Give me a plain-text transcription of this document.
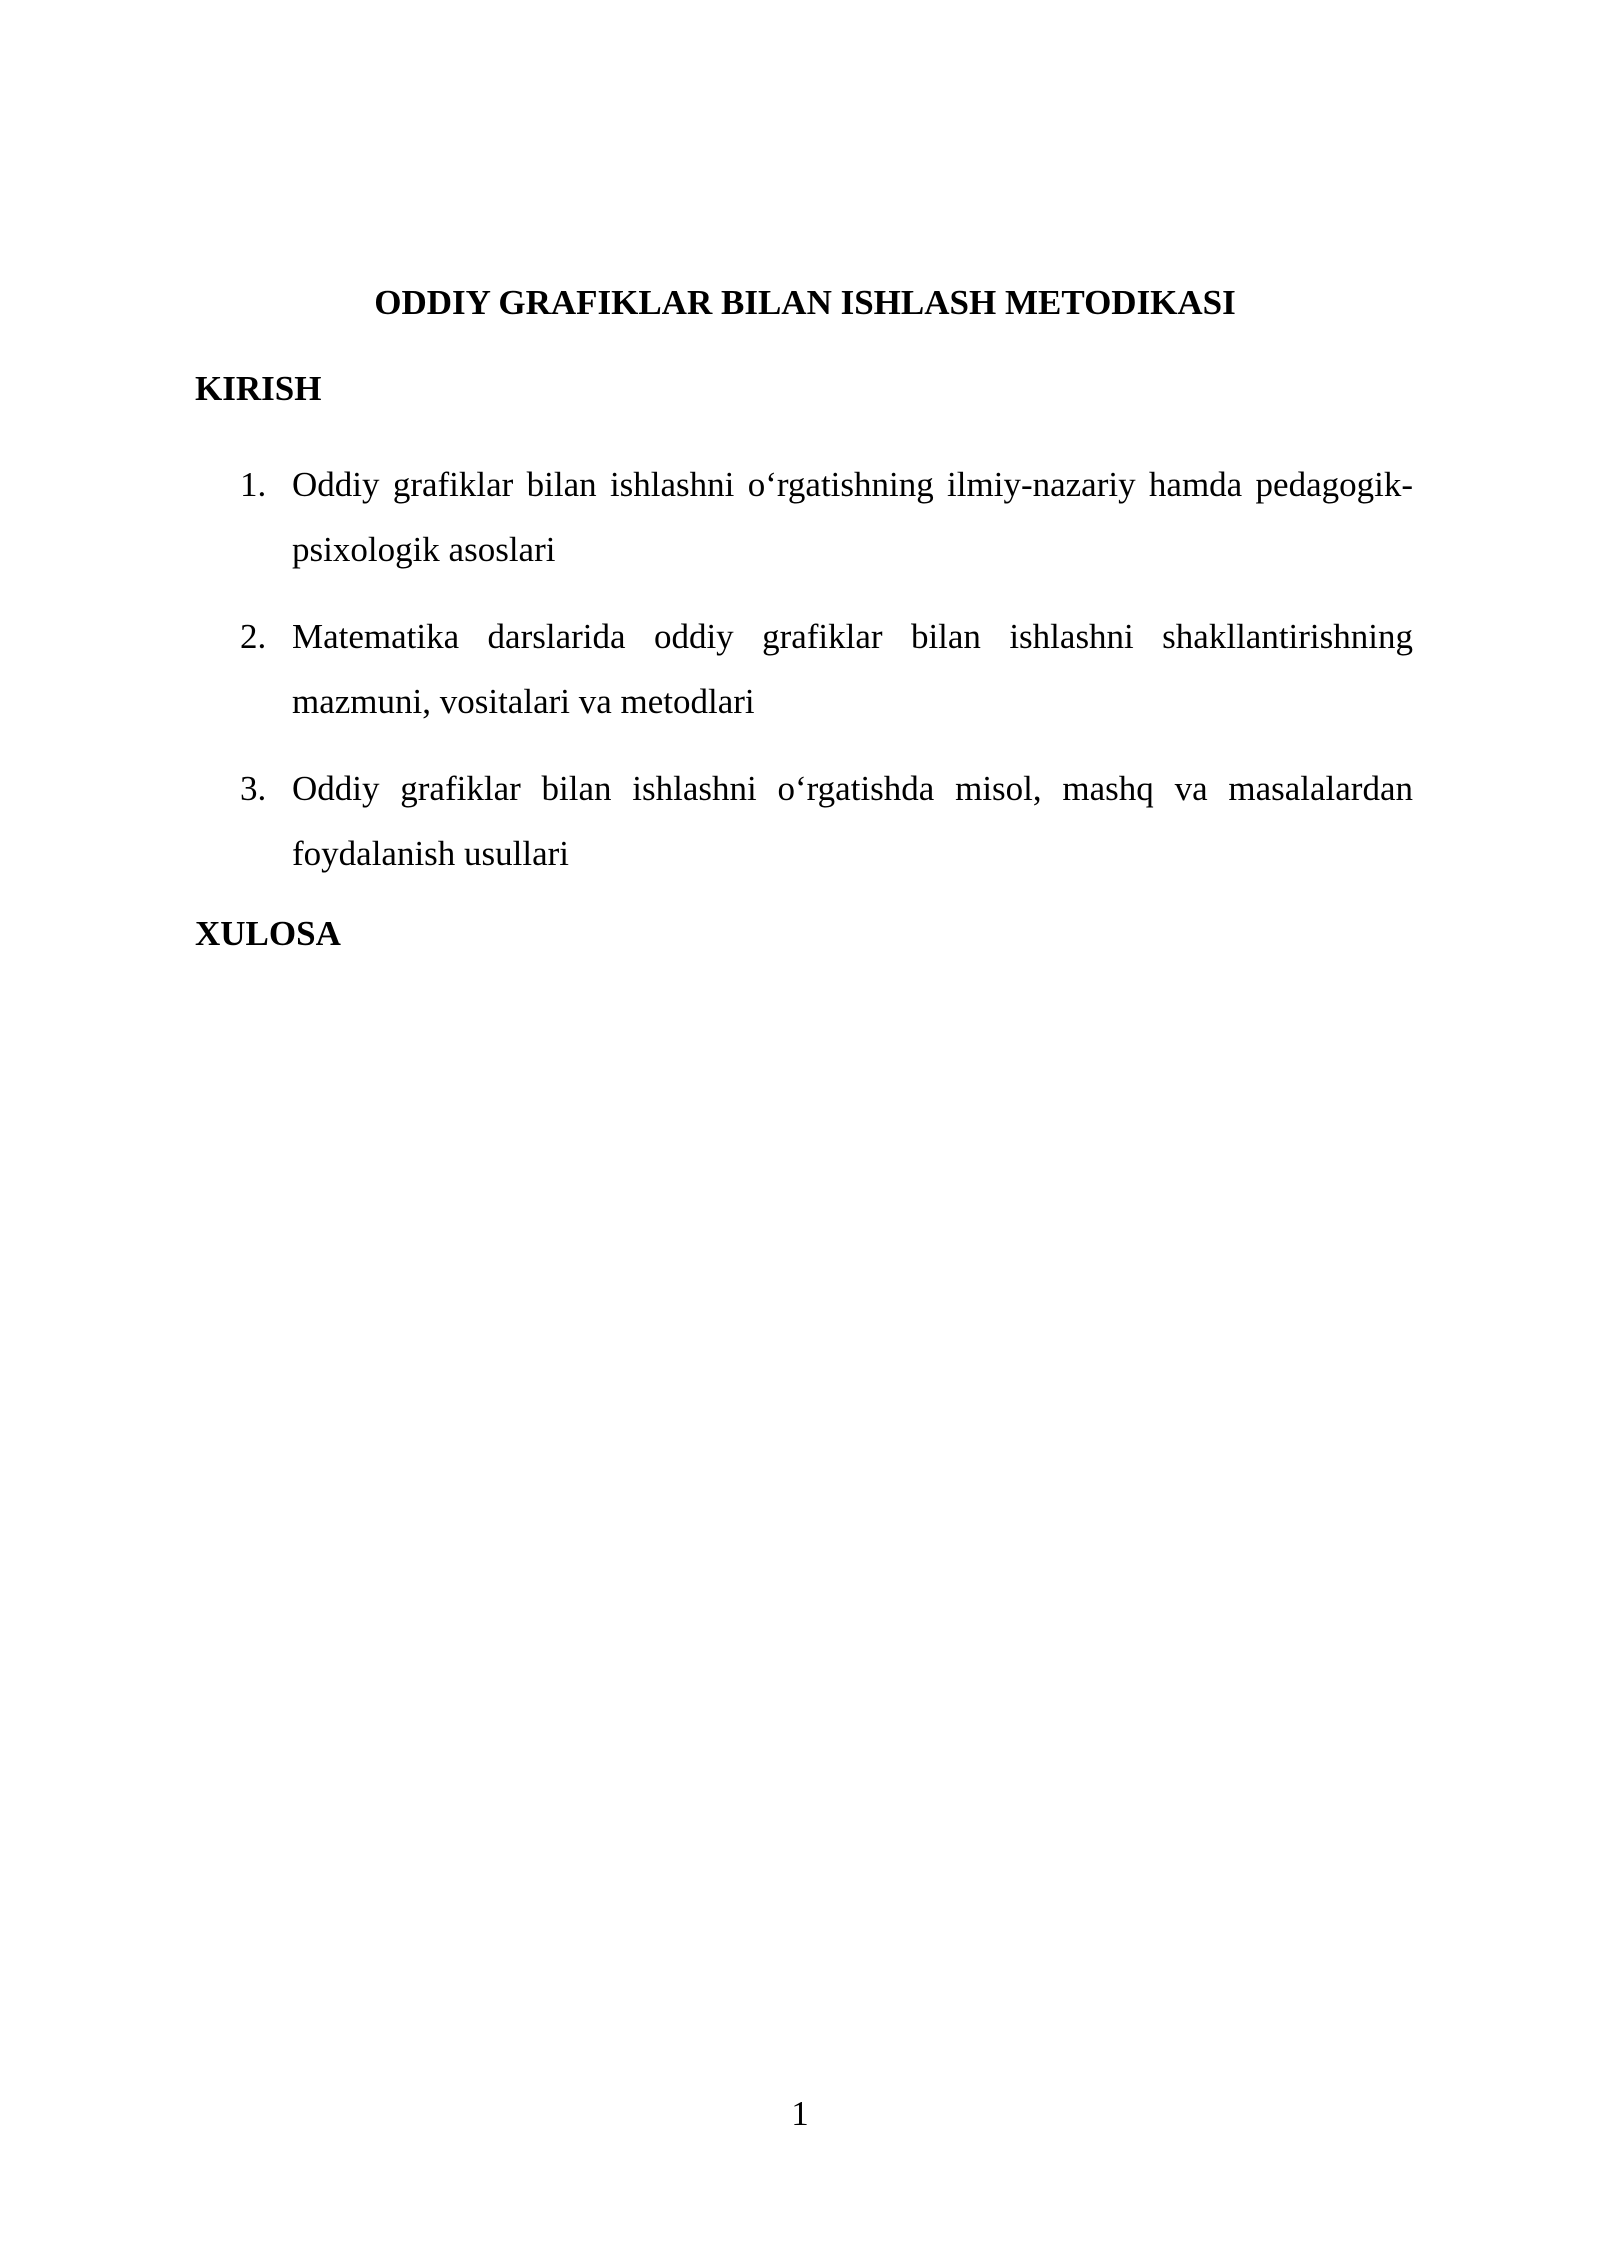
ODDIY GRAFIKLAR BILAN ISHLASH METODIKASI
KIRISH
1. Oddiy grafiklar bilan ishlashni o‘rgatishning ilmiy-nazariy hamda pedagogik-psixologik asoslari
2. Matematika darslarida oddiy grafiklar bilan ishlashni shakllantirishning mazmuni, vositalari va metodlari
3. Oddiy grafiklar bilan ishlashni o‘rgatishda misol, mashq va masalalardan foydalanish usullari
XULOSA
1
